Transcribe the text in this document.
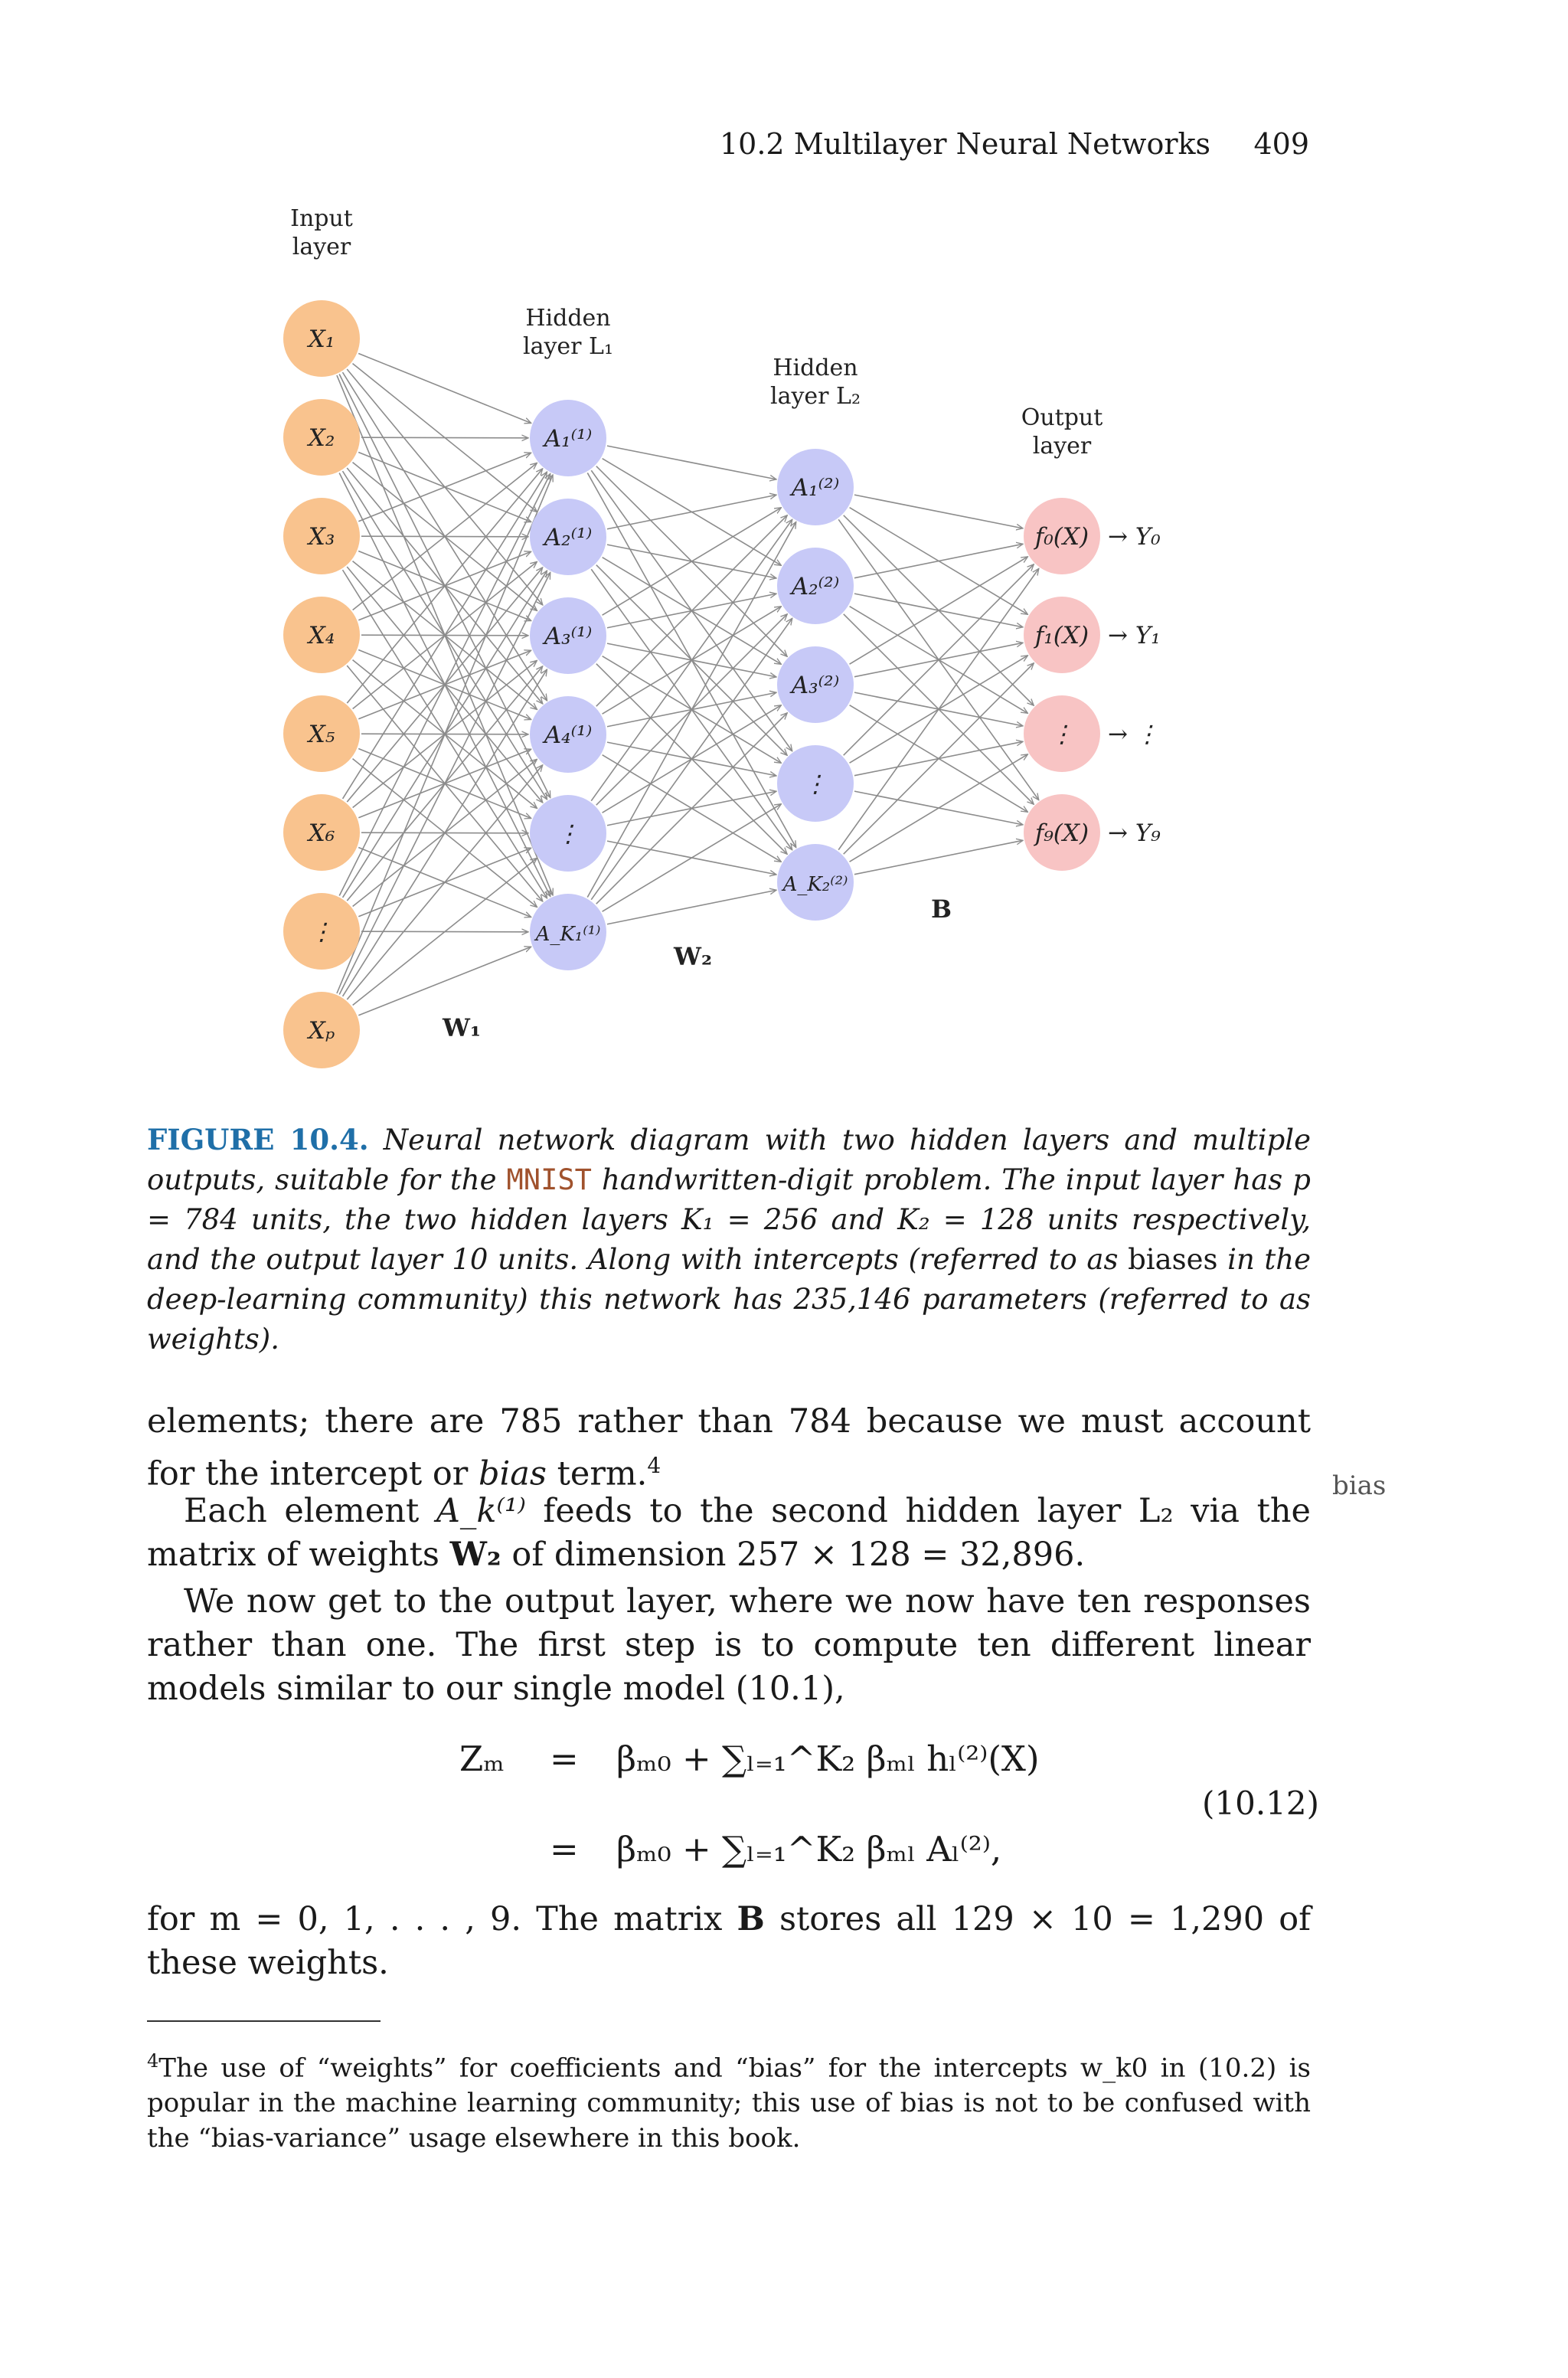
10.2 Multilayer Neural Networks 409
X₁
X₂
X₃
X₄
X₅
X₆
⋮
Xₚ
A₁⁽¹⁾
A₂⁽¹⁾
A₃⁽¹⁾
A₄⁽¹⁾
⋮
A_K₁⁽¹⁾
A₁⁽²⁾
A₂⁽²⁾
A₃⁽²⁾
⋮
A_K₂⁽²⁾
f₀(X)
f₁(X)
⋮
f₉(X)
→ Y₀
→ Y₁
→ ⋮
→ Y₉
Input
layer
Hidden
layer L₁
Hidden
layer L₂
Output
layer
W₁
W₂
B
FIGURE 10.4. Neural network diagram with two hidden layers and multiple outputs, suitable for the MNIST handwritten-digit problem. The input layer has p = 784 units, the two hidden layers K₁ = 256 and K₂ = 128 units respectively, and the output layer 10 units. Along with intercepts (referred to as biases in the deep-learning community) this network has 235,146 parameters (referred to as weights).
elements; there are 785 rather than 784 because we must account for the intercept or bias term.$^4$
bias
Each element A_k⁽¹⁾ feeds to the second hidden layer L₂ via the matrix of weights W₂ of dimension 257 × 128 = 32,896.
We now get to the output layer, where we now have ten responses rather than one. The first step is to compute ten different linear models similar to our single model (10.1),
Zₘ = βₘ₀ + ∑ₗ₌₁^K₂ βₘₗ hₗ⁽²⁾(X)
= βₘ₀ + ∑ₗ₌₁^K₂ βₘₗ Aₗ⁽²⁾,
(10.12)
for m = 0, 1, . . . , 9. The matrix B stores all 129 × 10 = 1,290 of these weights.
$^4$The use of “weights” for coefficients and “bias” for the intercepts w_k0 in (10.2) is popular in the machine learning community; this use of bias is not to be confused with the “bias-variance” usage elsewhere in this book.
